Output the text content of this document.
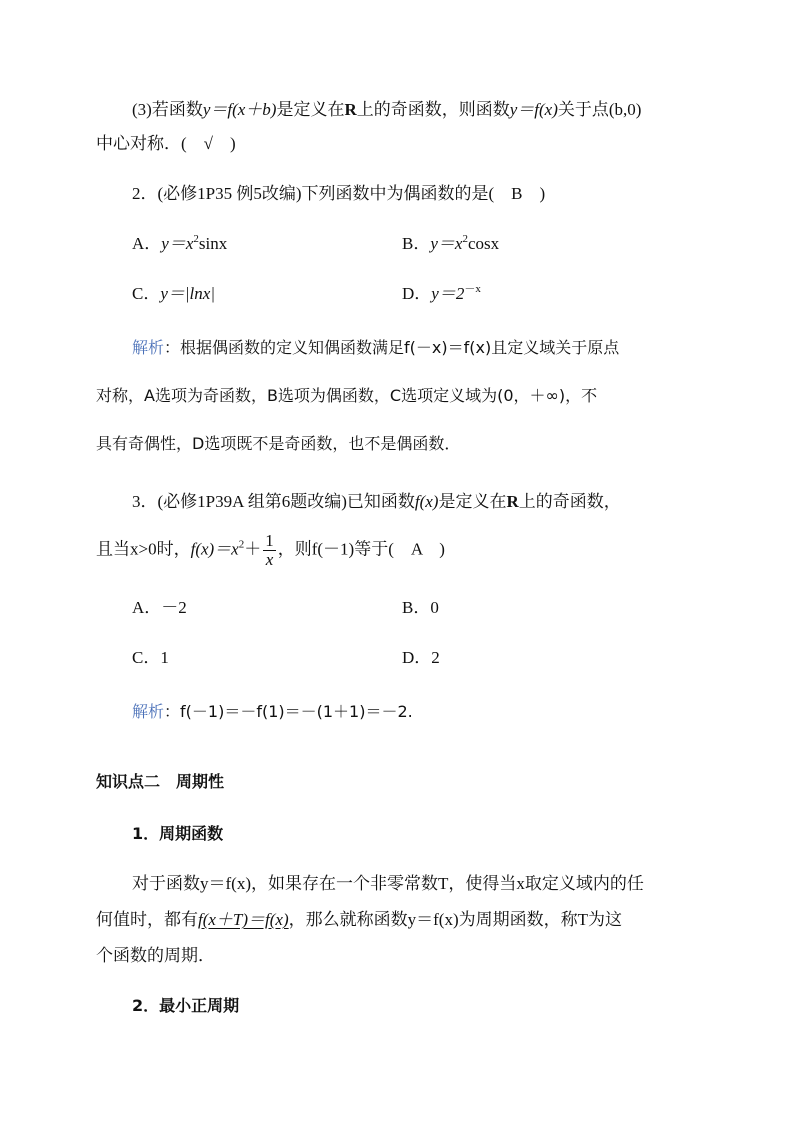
(3)若函数y＝f(x＋b)是定义在R上的奇函数，则函数y＝f(x)关于点(b,0)
中心对称．(　√　)
2．(必修1P35 例5改编)下列函数中为偶函数的是(　B　)
A．$y=x^2\sin x$	B．$y=x^2\cos x$
C．y＝|lnx|	D．$y=2^{-x}$
解析：根据偶函数的定义知偶函数满足f(－x)＝f(x)且定义域关于原点
对称，A选项为奇函数，B选项为偶函数，C选项定义域为(0，＋∞)，不
具有奇偶性，D选项既不是奇函数，也不是偶函数．
3．(必修1P39A 组第6题改编)已知函数f(x)是定义在R上的奇函数，
且当x>0时，$f(x)=x^2+ \frac{1}{x}$ ，则f(－1)等于(　A　)
A．－2	B．0
C．1	D．2
解析：f(－1)＝－f(1)＝－(1＋1)＝－2.
知识点二　周期性
1．周期函数
对于函数y＝f(x)，如果存在一个非零常数T，使得当x取定义域内的任
何值时，都有f(x＋T)＝f(x)，那么就称函数y＝f(x)为周期函数，称T为这
个函数的周期．
2．最小正周期
